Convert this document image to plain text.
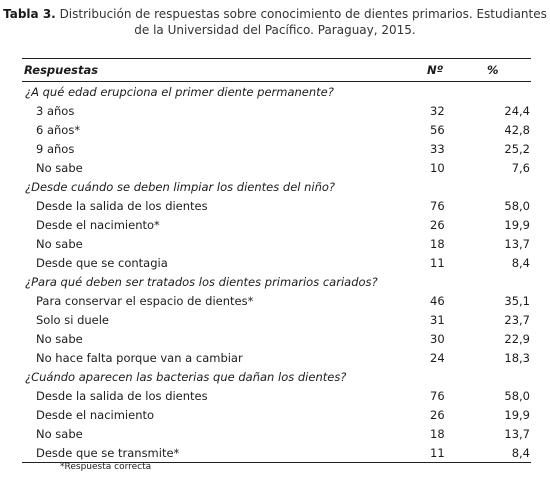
Tabla 3. Distribución de respuestas sobre conocimiento de dientes primarios. Estudiantes
de la Universidad del Pacífico. Paraguay, 2015.
Respuestas	Nº	%
¿A qué edad erupciona el primer diente permanente?		
3 años	32	24,4
6 años*	56	42,8
9 años	33	25,2
No sabe	10	7,6
¿Desde cuándo se deben limpiar los dientes del niño?		
Desde la salida de los dientes	76	58,0
Desde el nacimiento*	26	19,9
No sabe	18	13,7
Desde que se contagia	11	8,4
¿Para qué deben ser tratados los dientes primarios cariados?		
Para conservar el espacio de dientes*	46	35,1
Solo si duele	31	23,7
No sabe	30	22,9
No hace falta porque van a cambiar	24	18,3
¿Cuándo aparecen las bacterias que dañan los dientes?		
Desde la salida de los dientes	76	58,0
Desde el nacimiento	26	19,9
No sabe	18	13,7
Desde que se transmite*	11	8,4
*Respuesta correcta
